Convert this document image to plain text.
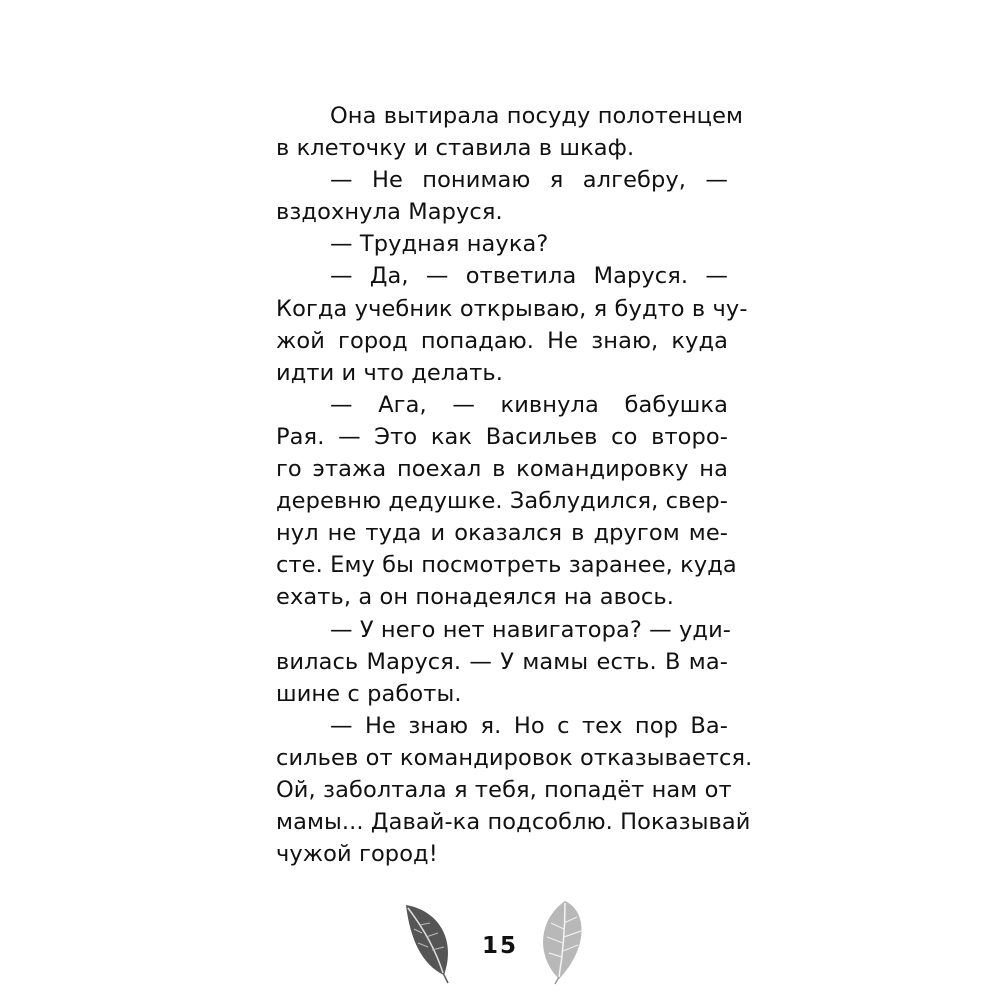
Она вытирала посуду полотенцем
в клеточку и ставила в шкаф.
— Не понимаю я алгебру, —
вздохнула Маруся.
— Трудная наука?
— Да, — ответила Маруся. —
Когда учебник открываю, я будто в чу-
жой город попадаю. Не знаю, куда
идти и что делать.
— Ага, — кивнула бабушка
Рая. — Это как Васильев со второ-
го этажа поехал в командировку на
деревню дедушке. Заблудился, свер-
нул не туда и оказался в другом ме-
сте. Ему бы посмотреть заранее, куда
ехать, а он понадеялся на авось.
— У него нет навигатора? — уди-
вилась Маруся. — У мамы есть. В ма-
шине с работы.
— Не знаю я. Но с тех пор Ва-
сильев от командировок отказывается.
Ой, заболтала я тебя, попадёт нам от
мамы... Давай-ка подсоблю. Показывай
чужой город!
15
